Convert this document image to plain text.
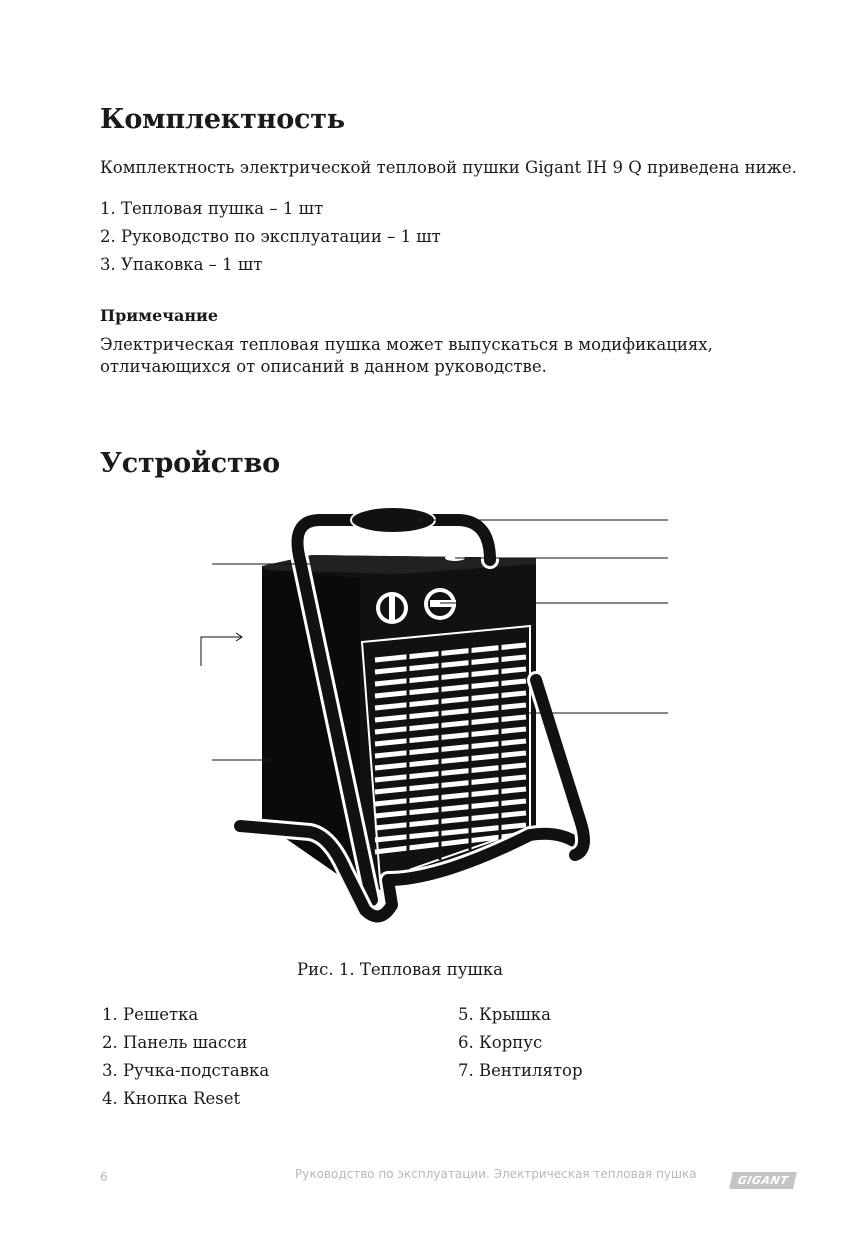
Комплектность

Комплектность электрической тепловой пушки Gigant IH 9 Q приведена ниже.

1. Тепловая пушка – 1 шт
2. Руководство по эксплуатации – 1 шт
3. Упаковка – 1 шт
Примечание

Электрическая тепловая пушка может выпускаться в модификациях,

отличающихся от описаний в данном руководстве.

Устройство
Рис. 1. Тепловая пушка
1. Решетка
2. Панель шасси
3. Ручка-подставка
4. Кнопка Reset
5. Крышка
6. Корпус
7. Вентилятор
6	Руководство по эксплуатации. Электрическая тепловая пушка	GIGANT
